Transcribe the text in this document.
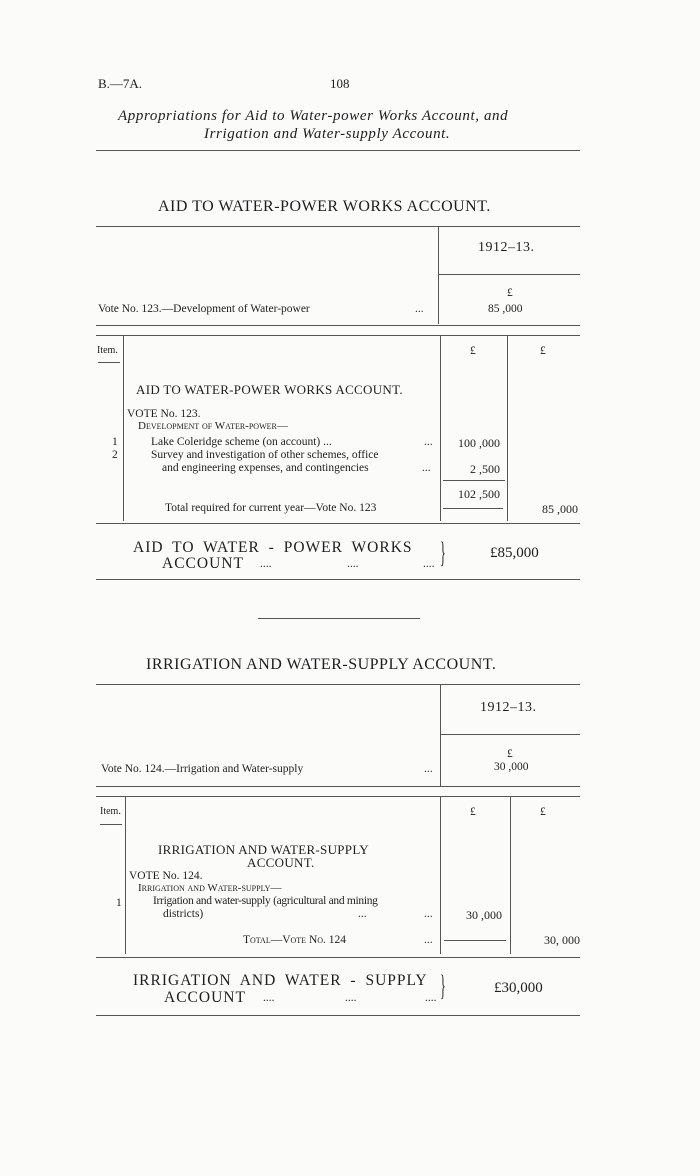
B.—7A.	108
Appropriations for Aid to Water-power Works Account, and
Irrigation and Water-supply Account.
AID TO WATER-POWER WORKS ACCOUNT.
1912–13.
£
Vote No. 123.—Development of Water-power	...	85 ,000
Item.	£	£
AID TO WATER-POWER WORKS ACCOUNT.
VOTE No. 123.
Development of Water-power—
1	Lake Coleridge scheme (on account) ...	...	100 ,000
2	Survey and investigation of other schemes, office
and engineering expenses, and contingencies	...	2 ,500
102 ,500
Total required for current year—Vote No. 123	85 ,000
AID TO WATER - POWER WORKS
ACCOUNT ....	....	.... }	£85,000
IRRIGATION AND WATER-SUPPLY ACCOUNT.
1912–13.
£
Vote No. 124.—Irrigation and Water-supply	...	30 ,000
Item.	£	£
IRRIGATION AND WATER-SUPPLY
ACCOUNT.
VOTE No. 124.
Irrigation and Water-supply—
1	Irrigation and water-supply (agricultural and mining
districts)	...	...	30 ,000
Total—Vote No. 124	...	30, 000
IRRIGATION AND WATER - SUPPLY
ACCOUNT ....	....	.... }	£30,000
